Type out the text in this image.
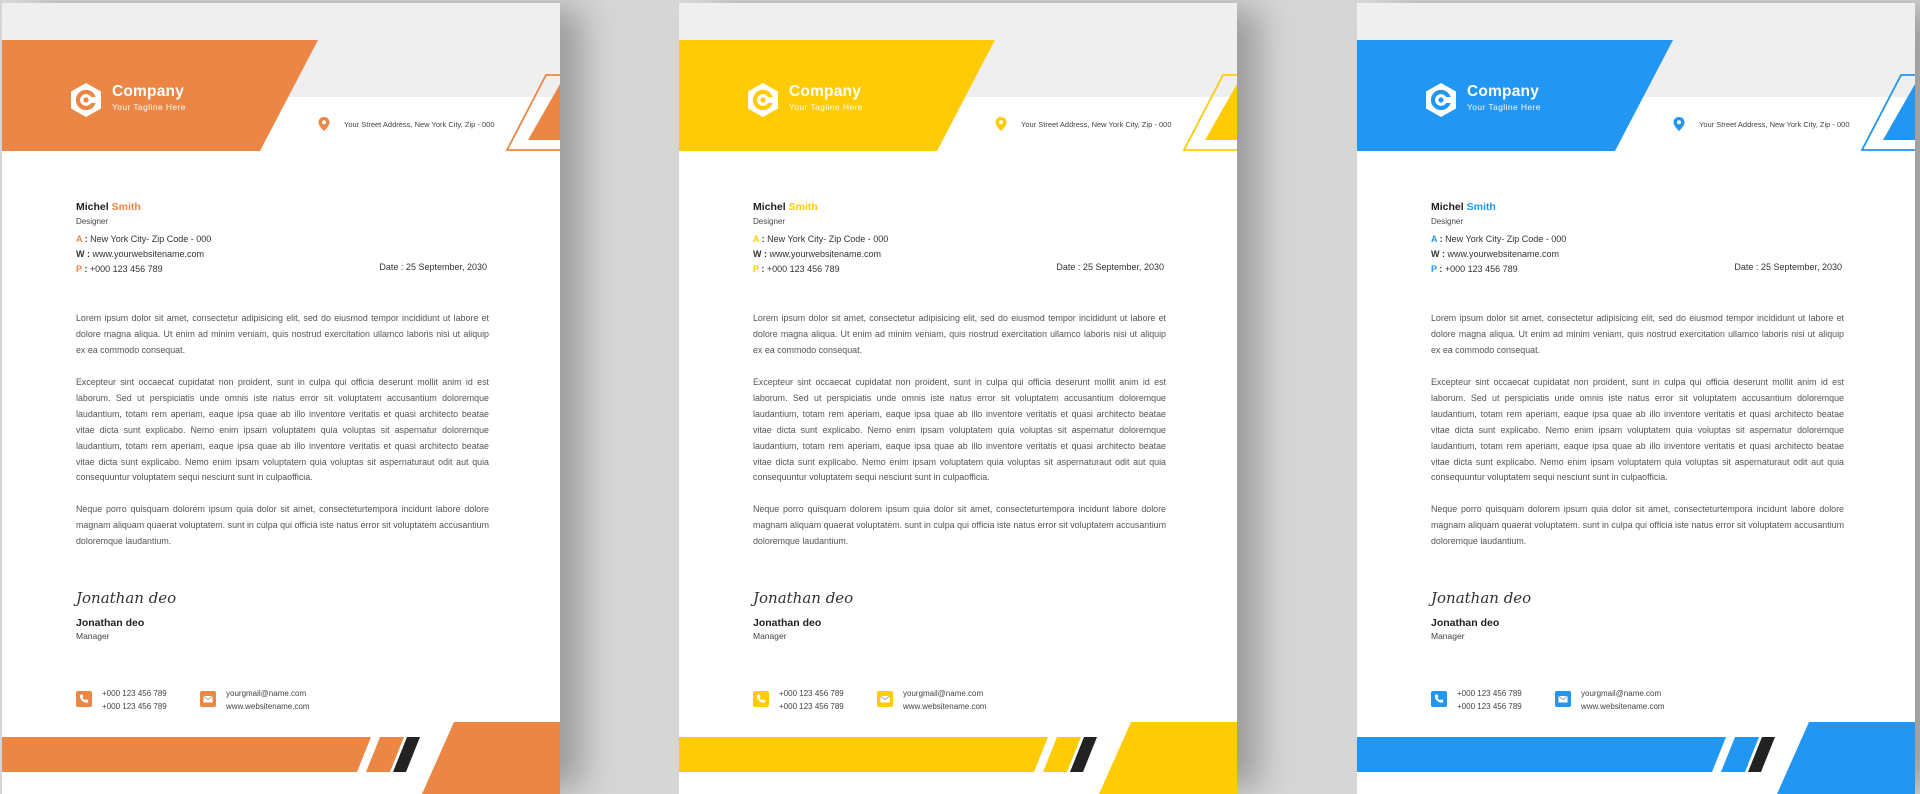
Company
Your Tagline Here
Your Street Address, New York City, Zip - 000
Michel Smith
Designer
A : New York City- Zip Code - 000
W : www.yourwebsitename.com
P : +000 123 456 789	Date : 25 September, 2030
Lorem ipsum dolor sit amet, consectetur adipisicing elit, sed do eiusmod tempor incididunt ut labore et dolore magna aliqua. Ut enim ad minim veniam, quis nostrud exercitation ullamco laboris nisi ut aliquip ex ea commodo consequat.
Excepteur sint occaecat cupidatat non proident, sunt in culpa qui officia deserunt mollit anim id est laborum. Sed ut perspiciatis unde omnis iste natus error sit voluptatem accusantium doloremque laudantium, totam rem aperiam, eaque ipsa quae ab illo inventore veritatis et quasi architecto beatae vitae dicta sunt explicabo. Nemo enim ipsam voluptatem quia voluptas sit aspernatur doloremque laudantium, totam rem aperiam, eaque ipsa quae ab illo inventore veritatis et quasi architecto beatae vitae dicta sunt explicabo. Nemo enim ipsam voluptatem quia voluptas sit aspernaturaut odit aut quia consequuntur voluptatem sequi nesciunt sunt in culpaofficia.
Neque porro quisquam dolorem ipsum quia dolor sit amet, consecteturtempora incidunt labore dolore magnam aliquam quaerat voluptatem. sunt in culpa qui officia iste natus error sit voluptatem accusantium doloremque laudantium.
Jonathan deo
Jonathan deo
Manager
+000 123 456 789
+000 123 456 789
yourgmail@name.com
www.websitename.com
Company
Your Tagline Here
Your Street Address, New York City, Zip - 000
Michel Smith
Designer
A : New York City- Zip Code - 000
W : www.yourwebsitename.com
P : +000 123 456 789	Date : 25 September, 2030
Lorem ipsum dolor sit amet, consectetur adipisicing elit, sed do eiusmod tempor incididunt ut labore et dolore magna aliqua. Ut enim ad minim veniam, quis nostrud exercitation ullamco laboris nisi ut aliquip ex ea commodo consequat.
Excepteur sint occaecat cupidatat non proident, sunt in culpa qui officia deserunt mollit anim id est laborum. Sed ut perspiciatis unde omnis iste natus error sit voluptatem accusantium doloremque laudantium, totam rem aperiam, eaque ipsa quae ab illo inventore veritatis et quasi architecto beatae vitae dicta sunt explicabo. Nemo enim ipsam voluptatem quia voluptas sit aspernatur doloremque laudantium, totam rem aperiam, eaque ipsa quae ab illo inventore veritatis et quasi architecto beatae vitae dicta sunt explicabo. Nemo enim ipsam voluptatem quia voluptas sit aspernaturaut odit aut quia consequuntur voluptatem sequi nesciunt sunt in culpaofficia.
Neque porro quisquam dolorem ipsum quia dolor sit amet, consecteturtempora incidunt labore dolore magnam aliquam quaerat voluptatem. sunt in culpa qui officia iste natus error sit voluptatem accusantium doloremque laudantium.
Jonathan deo
Jonathan deo
Manager
+000 123 456 789
+000 123 456 789
yourgmail@name.com
www.websitename.com
Company
Your Tagline Here
Your Street Address, New York City, Zip - 000
Michel Smith
Designer
A : New York City- Zip Code - 000
W : www.yourwebsitename.com
P : +000 123 456 789	Date : 25 September, 2030
Lorem ipsum dolor sit amet, consectetur adipisicing elit, sed do eiusmod tempor incididunt ut labore et dolore magna aliqua. Ut enim ad minim veniam, quis nostrud exercitation ullamco laboris nisi ut aliquip ex ea commodo consequat.
Excepteur sint occaecat cupidatat non proident, sunt in culpa qui officia deserunt mollit anim id est laborum. Sed ut perspiciatis unde omnis iste natus error sit voluptatem accusantium doloremque laudantium, totam rem aperiam, eaque ipsa quae ab illo inventore veritatis et quasi architecto beatae vitae dicta sunt explicabo. Nemo enim ipsam voluptatem quia voluptas sit aspernatur doloremque laudantium, totam rem aperiam, eaque ipsa quae ab illo inventore veritatis et quasi architecto beatae vitae dicta sunt explicabo. Nemo enim ipsam voluptatem quia voluptas sit aspernaturaut odit aut quia consequuntur voluptatem sequi nesciunt sunt in culpaofficia.
Neque porro quisquam dolorem ipsum quia dolor sit amet, consecteturtempora incidunt labore dolore magnam aliquam quaerat voluptatem. sunt in culpa qui officia iste natus error sit voluptatem accusantium doloremque laudantium.
Jonathan deo
Jonathan deo
Manager
+000 123 456 789
+000 123 456 789
yourgmail@name.com
www.websitename.com
